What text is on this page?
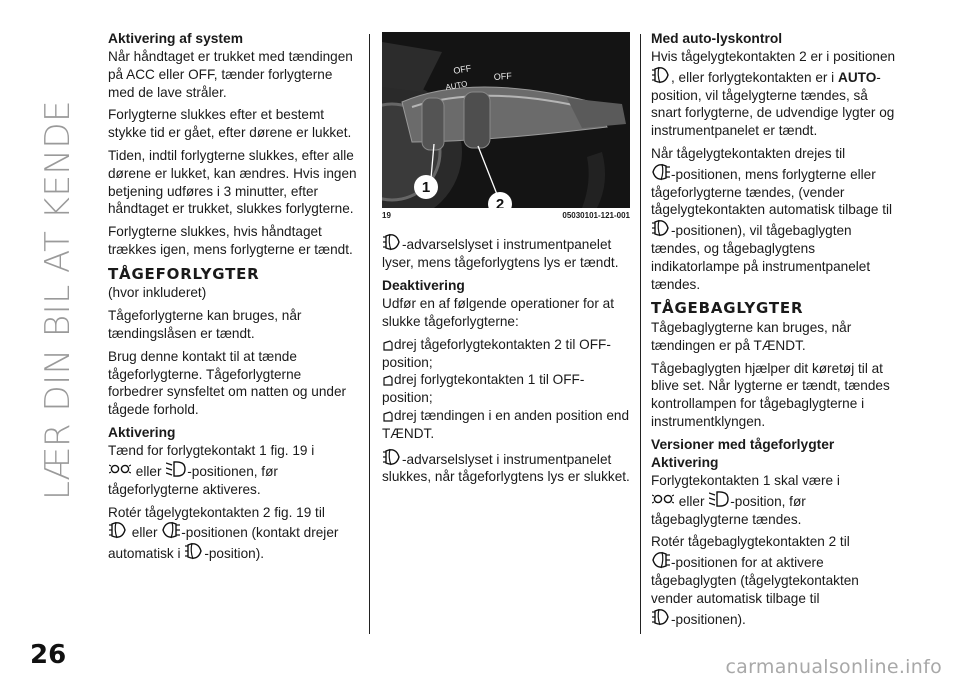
LÆR DIN BIL AT KENDE
26	carmanualsonline.info
Aktivering af system

Når håndtaget er trukket med tændingen på ACC eller OFF, tænder forlygterne med de lave stråler.

Forlygterne slukkes efter et bestemt stykke tid er gået, efter dørene er lukket.

Tiden, indtil forlygterne slukkes, efter alle dørene er lukket, kan ændres. Hvis ingen betjening udføres i 3 minutter, efter håndtaget er trukket, slukkes forlygterne.

Forlygterne slukkes, hvis håndtaget trækkes igen, mens forlygterne er tændt.

TÅGEFORLYGTER

(hvor inkluderet)

Tågeforlygterne kan bruges, når tændingslåsen er tændt.

Brug denne kontakt til at tænde tågeforlygterne. Tågeforlygterne forbedrer synsfeltet om natten og under tågede forhold.

Aktivering

Tænd for forlygtekontakt 1 fig. 19 i
eller -positionen, før tågeforlygterne aktiveres.

Rotér tågelygtekontakten 2 fig. 19 til
eller -positionen (kontakt drejer automatisk i -position).

OFF
OFF
AUTO
1
2
19	05030101-121-001

-advarselslyset i instrumentpanelet lyser, mens tågeforlygtens lys er tændt.

Deaktivering

Udfør en af følgende operationer for at slukke tågeforlygterne:

drej tågeforlygtekontakten 2 til OFF-position;

drej forlygtekontakten 1 til OFF-position;

drej tændingen i en anden position end TÆNDT.

-advarselslyset i instrumentpanelet slukkes, når tågeforlygtens lys er slukket.

Med auto-lyskontrol

Hvis tågelygtekontakten 2 er i positionen, eller forlygtekontakten er i AUTO-position, vil tågelygterne tændes, så snart forlygterne, de udvendige lygter og instrumentpanelet er tændt.

Når tågelygtekontakten drejes til
-positionen, mens forlygterne eller tågeforlygterne tændes, (vender tågelygtekontakten automatisk tilbage til -positionen), vil tågebaglygten tændes, og tågebaglygtens indikatorlampe på instrumentpanelet tændes.

TÅGEBAGLYGTER

Tågebaglygterne kan bruges, når tændingen er på TÆNDT.

Tågebaglygten hjælper dit køretøj til at blive set. Når lygterne er tændt, tændes kontrollampen for tågebaglygterne i instrumentklyngen.

Versioner med tågeforlygter
Aktivering

Forlygtekontakten 1 skal være i
eller -position, før tågebaglygterne tændes.

Rotér tågebaglygtekontakten 2 til
-positionen for at aktivere tågebaglygten (tågelygtekontakten vender automatisk tilbage til
-positionen).
